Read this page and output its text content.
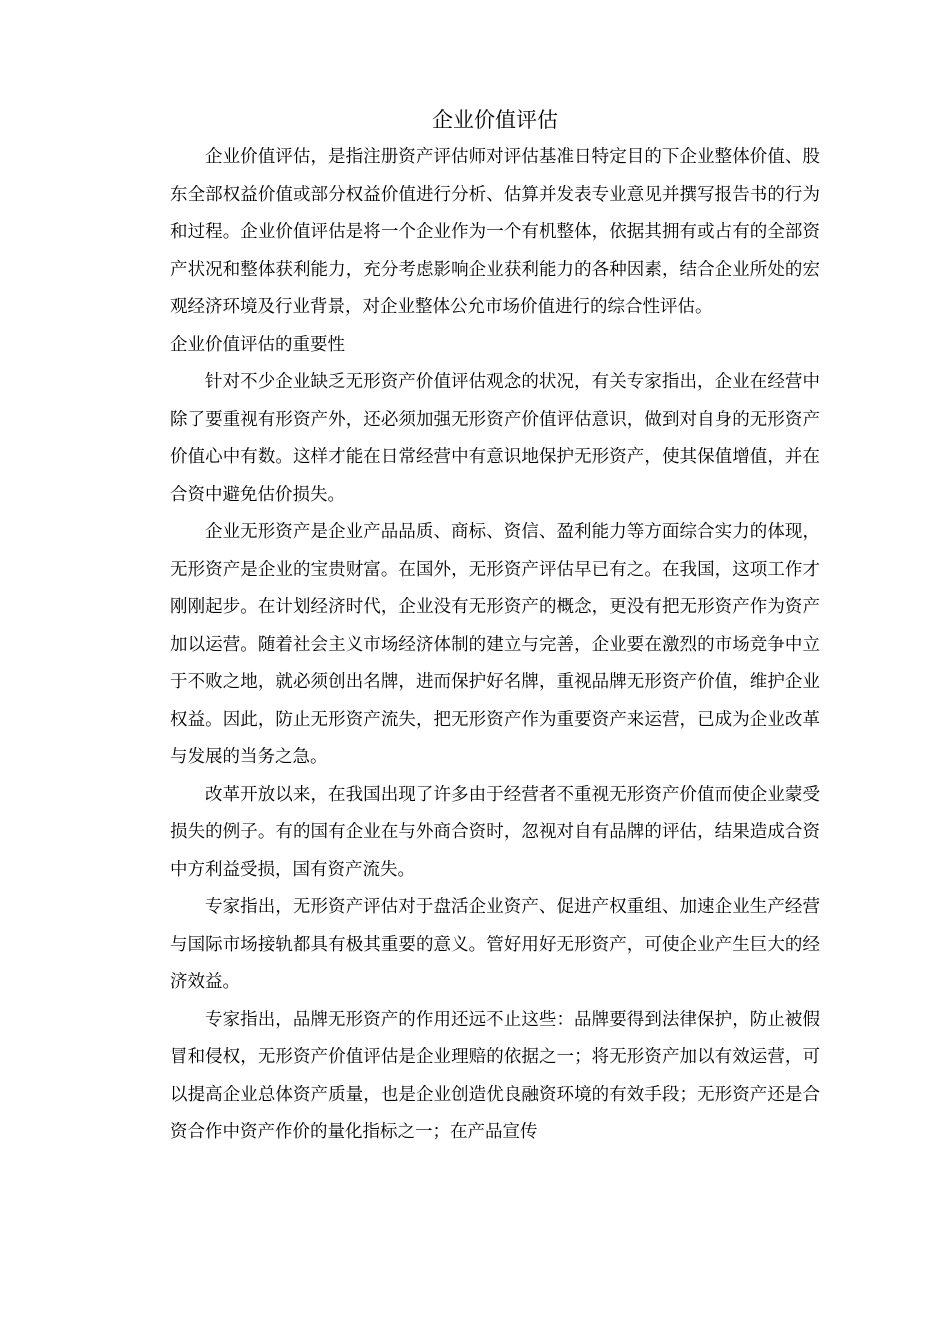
企业价值评估

企业价值评估，是指注册资产评估师对评估基准日特定目的下企业整体价值、股东全部权益价值或部分权益价值进行分析、估算并发表专业意见并撰写报告书的行为和过程。企业价值评估是将一个企业作为一个有机整体，依据其拥有或占有的全部资产状况和整体获利能力，充分考虑影响企业获利能力的各种因素，结合企业所处的宏观经济环境及行业背景，对企业整体公允市场价值进行的综合性评估。

企业价值评估的重要性

针对不少企业缺乏无形资产价值评估观念的状况，有关专家指出，企业在经营中除了要重视有形资产外，还必须加强无形资产价值评估意识，做到对自身的无形资产价值心中有数。这样才能在日常经营中有意识地保护无形资产，使其保值增值，并在合资中避免估价损失。

企业无形资产是企业产品品质、商标、资信、盈利能力等方面综合实力的体现，无形资产是企业的宝贵财富。在国外，无形资产评估早已有之。在我国，这项工作才刚刚起步。在计划经济时代，企业没有无形资产的概念，更没有把无形资产作为资产加以运营。随着社会主义市场经济体制的建立与完善，企业要在激烈的市场竞争中立于不败之地，就必须创出名牌，进而保护好名牌，重视品牌无形资产价值，维护企业权益。因此，防止无形资产流失，把无形资产作为重要资产来运营，已成为企业改革与发展的当务之急。

改革开放以来，在我国出现了许多由于经营者不重视无形资产价值而使企业蒙受损失的例子。有的国有企业在与外商合资时，忽视对自有品牌的评估，结果造成合资中方利益受损，国有资产流失。

专家指出，无形资产评估对于盘活企业资产、促进产权重组、加速企业生产经营与国际市场接轨都具有极其重要的意义。管好用好无形资产，可使企业产生巨大的经济效益。

专家指出，品牌无形资产的作用还远不止这些：品牌要得到法律保护，防止被假冒和侵权，无形资产价值评估是企业理赔的依据之一；将无形资产加以有效运营，可以提高企业总体资产质量，也是企业创造优良融资环境的有效手段；无形资产还是合资合作中资产作价的量化指标之一；在产品宣传
